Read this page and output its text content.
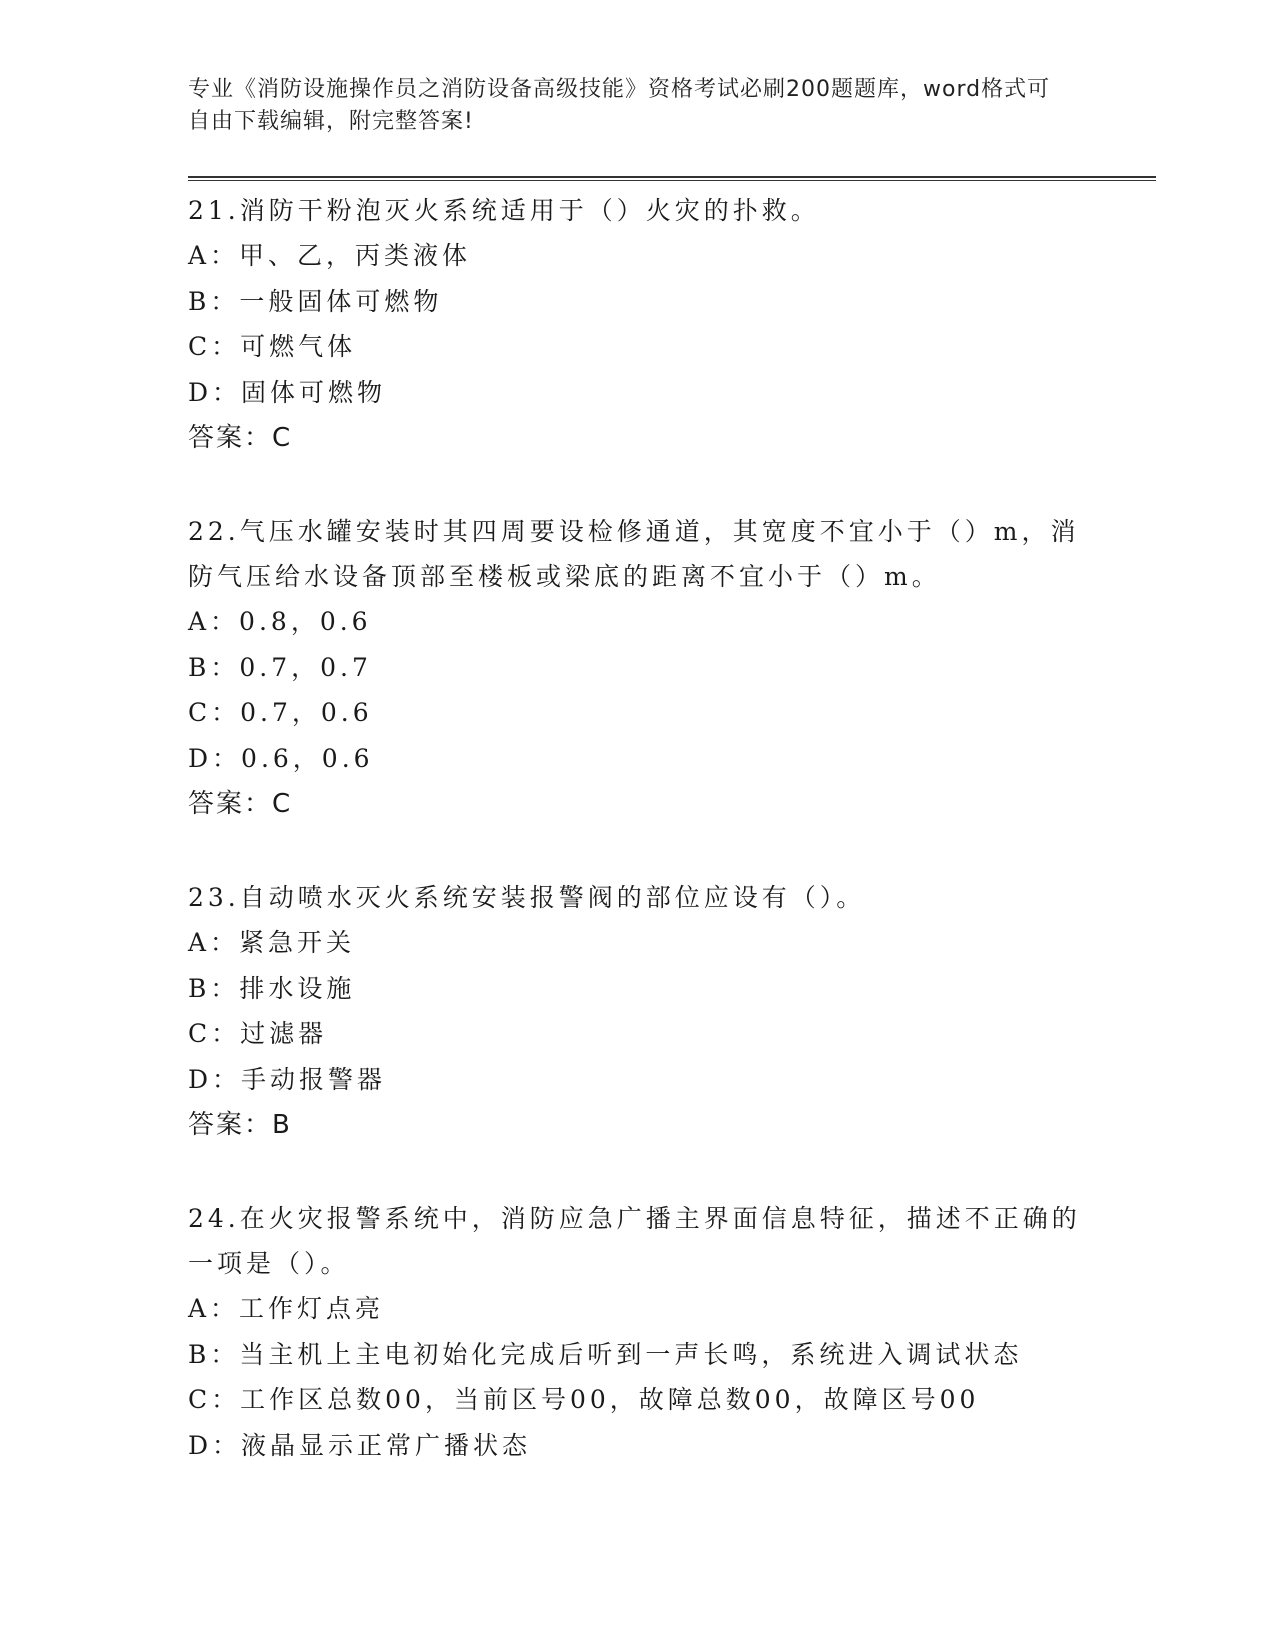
专业《消防设施操作员之消防设备高级技能》资格考试必刷200题题库，word格式可自由下载编辑，附完整答案!

21.消防干粉泡灭火系统适用于（）火灾的扑救。

A：甲、乙，丙类液体

B：一般固体可燃物

C：可燃气体

D：固体可燃物

答案：C

22.气压水罐安装时其四周要设检修通道，其宽度不宜小于（）m，消防气压给水设备顶部至楼板或梁底的距离不宜小于（）m。

A：0.8，0.6

B：0.7，0.7

C：0.7，0.6

D：0.6，0.6

答案：C

23.自动喷水灭火系统安装报警阀的部位应设有（）。

A：紧急开关

B：排水设施

C：过滤器

D：手动报警器

答案：B

24.在火灾报警系统中，消防应急广播主界面信息特征，描述不正确的一项是（）。

A：工作灯点亮

B：当主机上主电初始化完成后听到一声长鸣，系统进入调试状态

C：工作区总数00，当前区号00，故障总数00，故障区号00

D：液晶显示正常广播状态
